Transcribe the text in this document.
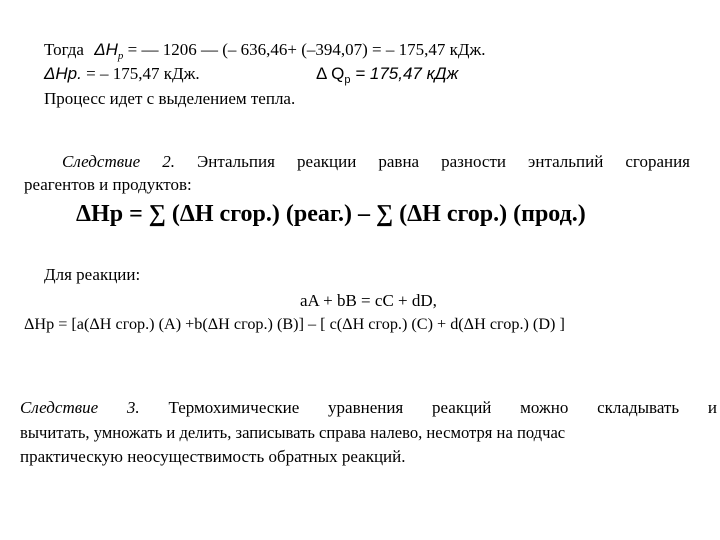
Тогда $\Delta H_p$ = — 1206 — (– 636,46+ (–394,07) = – 175,47 кДж.
ΔHр. = – 175,47 кДж.	Δ $Q_p = 175,47$ кДж
Процесс идет с выделением тепла.
Следствие 2. Энтальпия реакции равна разности энтальпий сгорания
реагентов и продуктов:
ΔHр = ∑ (ΔH сгор.) (реаг.) – ∑ (ΔH сгор.) (прод.)
Для реакции:
aA + bB = cC + dD,
ΔHр = [a(ΔH сгор.) (A) +b(ΔH сгор.) (B)] – [ c(ΔH сгор.) (C) + d(ΔH сгор.) (D) ]
Следствие 3. Термохимические уравнения реакций можно складывать и
вычитать, умножать и делить, записывать справа налево, несмотря на подчас
практическую неосуществимость обратных реакций.
